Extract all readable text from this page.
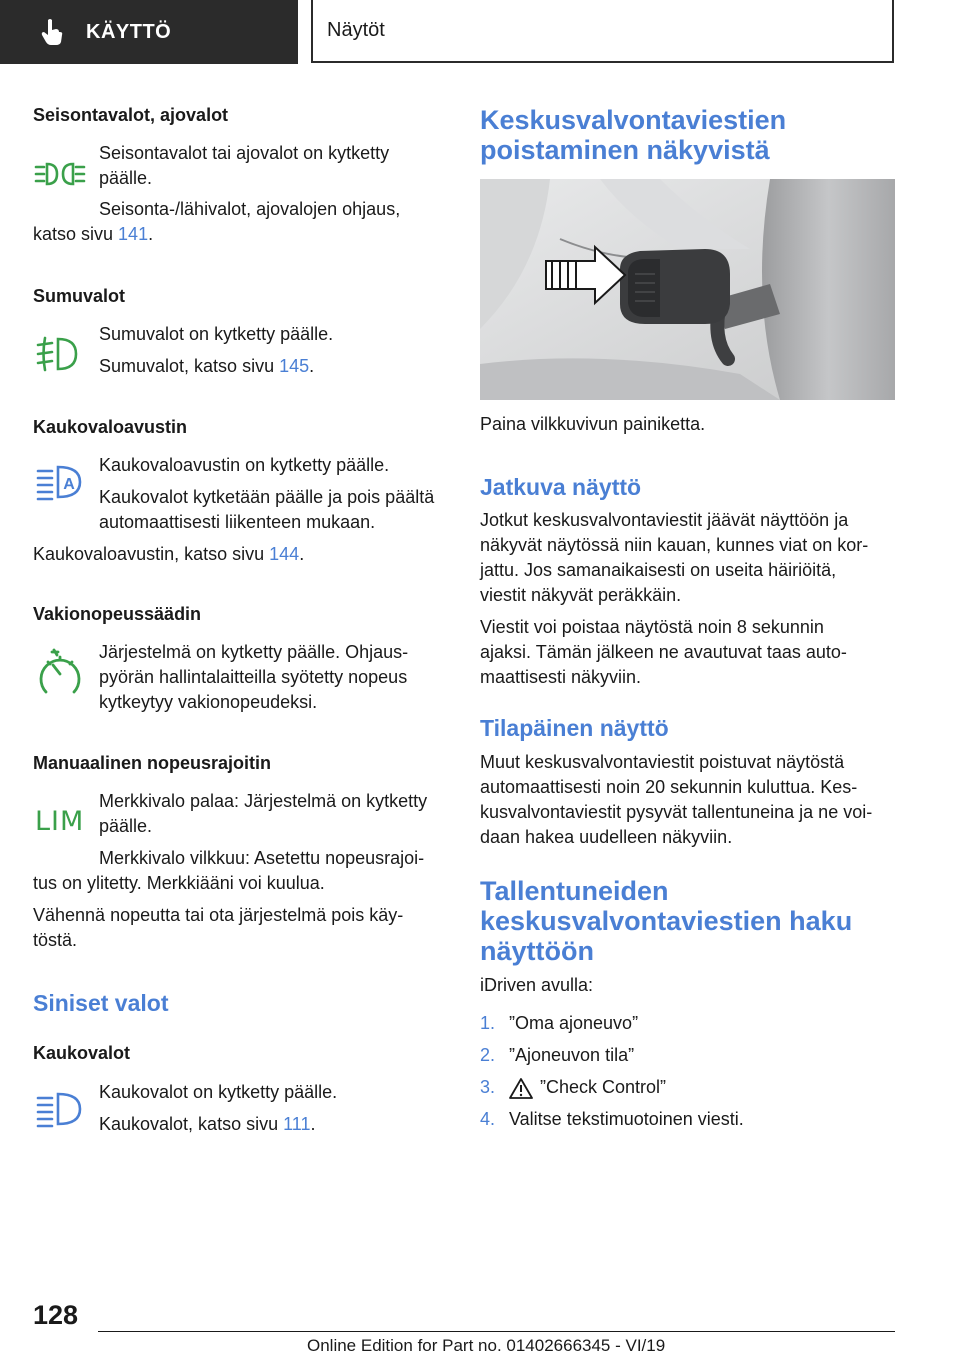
KÄYTTÖ	Näytöt
Seisontavalot, ajovalot
Seisontavalot tai ajovalot on kytketty
päälle.
Seisonta-/lähivalot, ajovalojen ohjaus,
katso sivu 141.
Sumuvalot
Sumuvalot on kytketty päälle.
Sumuvalot, katso sivu 145.
Kaukovaloavustin
A
Kaukovaloavustin on kytketty päälle.
Kaukovalot kytketään päälle ja pois päältä
automaattisesti liikenteen mukaan.
Kaukovaloavustin, katso sivu 144.
Vakionopeussäädin
Järjestelmä on kytketty päälle. Ohjaus-
pyörän hallintalaitteilla syötetty nopeus
kytkeytyy vakionopeudeksi.
Manuaalinen nopeusrajoitin
LIM
Merkkivalo palaa: Järjestelmä on kytketty
päälle.
Merkkivalo vilkkuu: Asetettu nopeusrajoi-
tus on ylitetty. Merkkiääni voi kuulua.
Vähennä nopeutta tai ota järjestelmä pois käy-
töstä.
Siniset valot
Kaukovalot
Kaukovalot on kytketty päälle.
Kaukovalot, katso sivu 111.
Keskusvalvontaviestien
poistaminen näkyvistä
Paina vilkkuvivun painiketta.
Jatkuva näyttö
Jotkut keskusvalvontaviestit jäävät näyttöön ja
näkyvät näytössä niin kauan, kunnes viat on kor-
jattu. Jos samanaikaisesti on useita häiriöitä,
viestit näkyvät peräkkäin.
Viestit voi poistaa näytöstä noin 8 sekunnin
ajaksi. Tämän jälkeen ne avautuvat taas auto-
maattisesti näkyviin.
Tilapäinen näyttö
Muut keskusvalvontaviestit poistuvat näytöstä
automaattisesti noin 20 sekunnin kuluttua. Kes-
kusvalvontaviestit pysyvät tallentuneina ja ne voi-
daan hakea uudelleen näkyviin.
Tallentuneiden
keskusvalvontaviestien haku
näyttöön
iDriven avulla:
1. ”Oma ajoneuvo”
2. ”Ajoneuvon tila”
3. ”Check Control”
4. Valitse tekstimuotoinen viesti.
128
Online Edition for Part no. 01402666345 - VI/19
